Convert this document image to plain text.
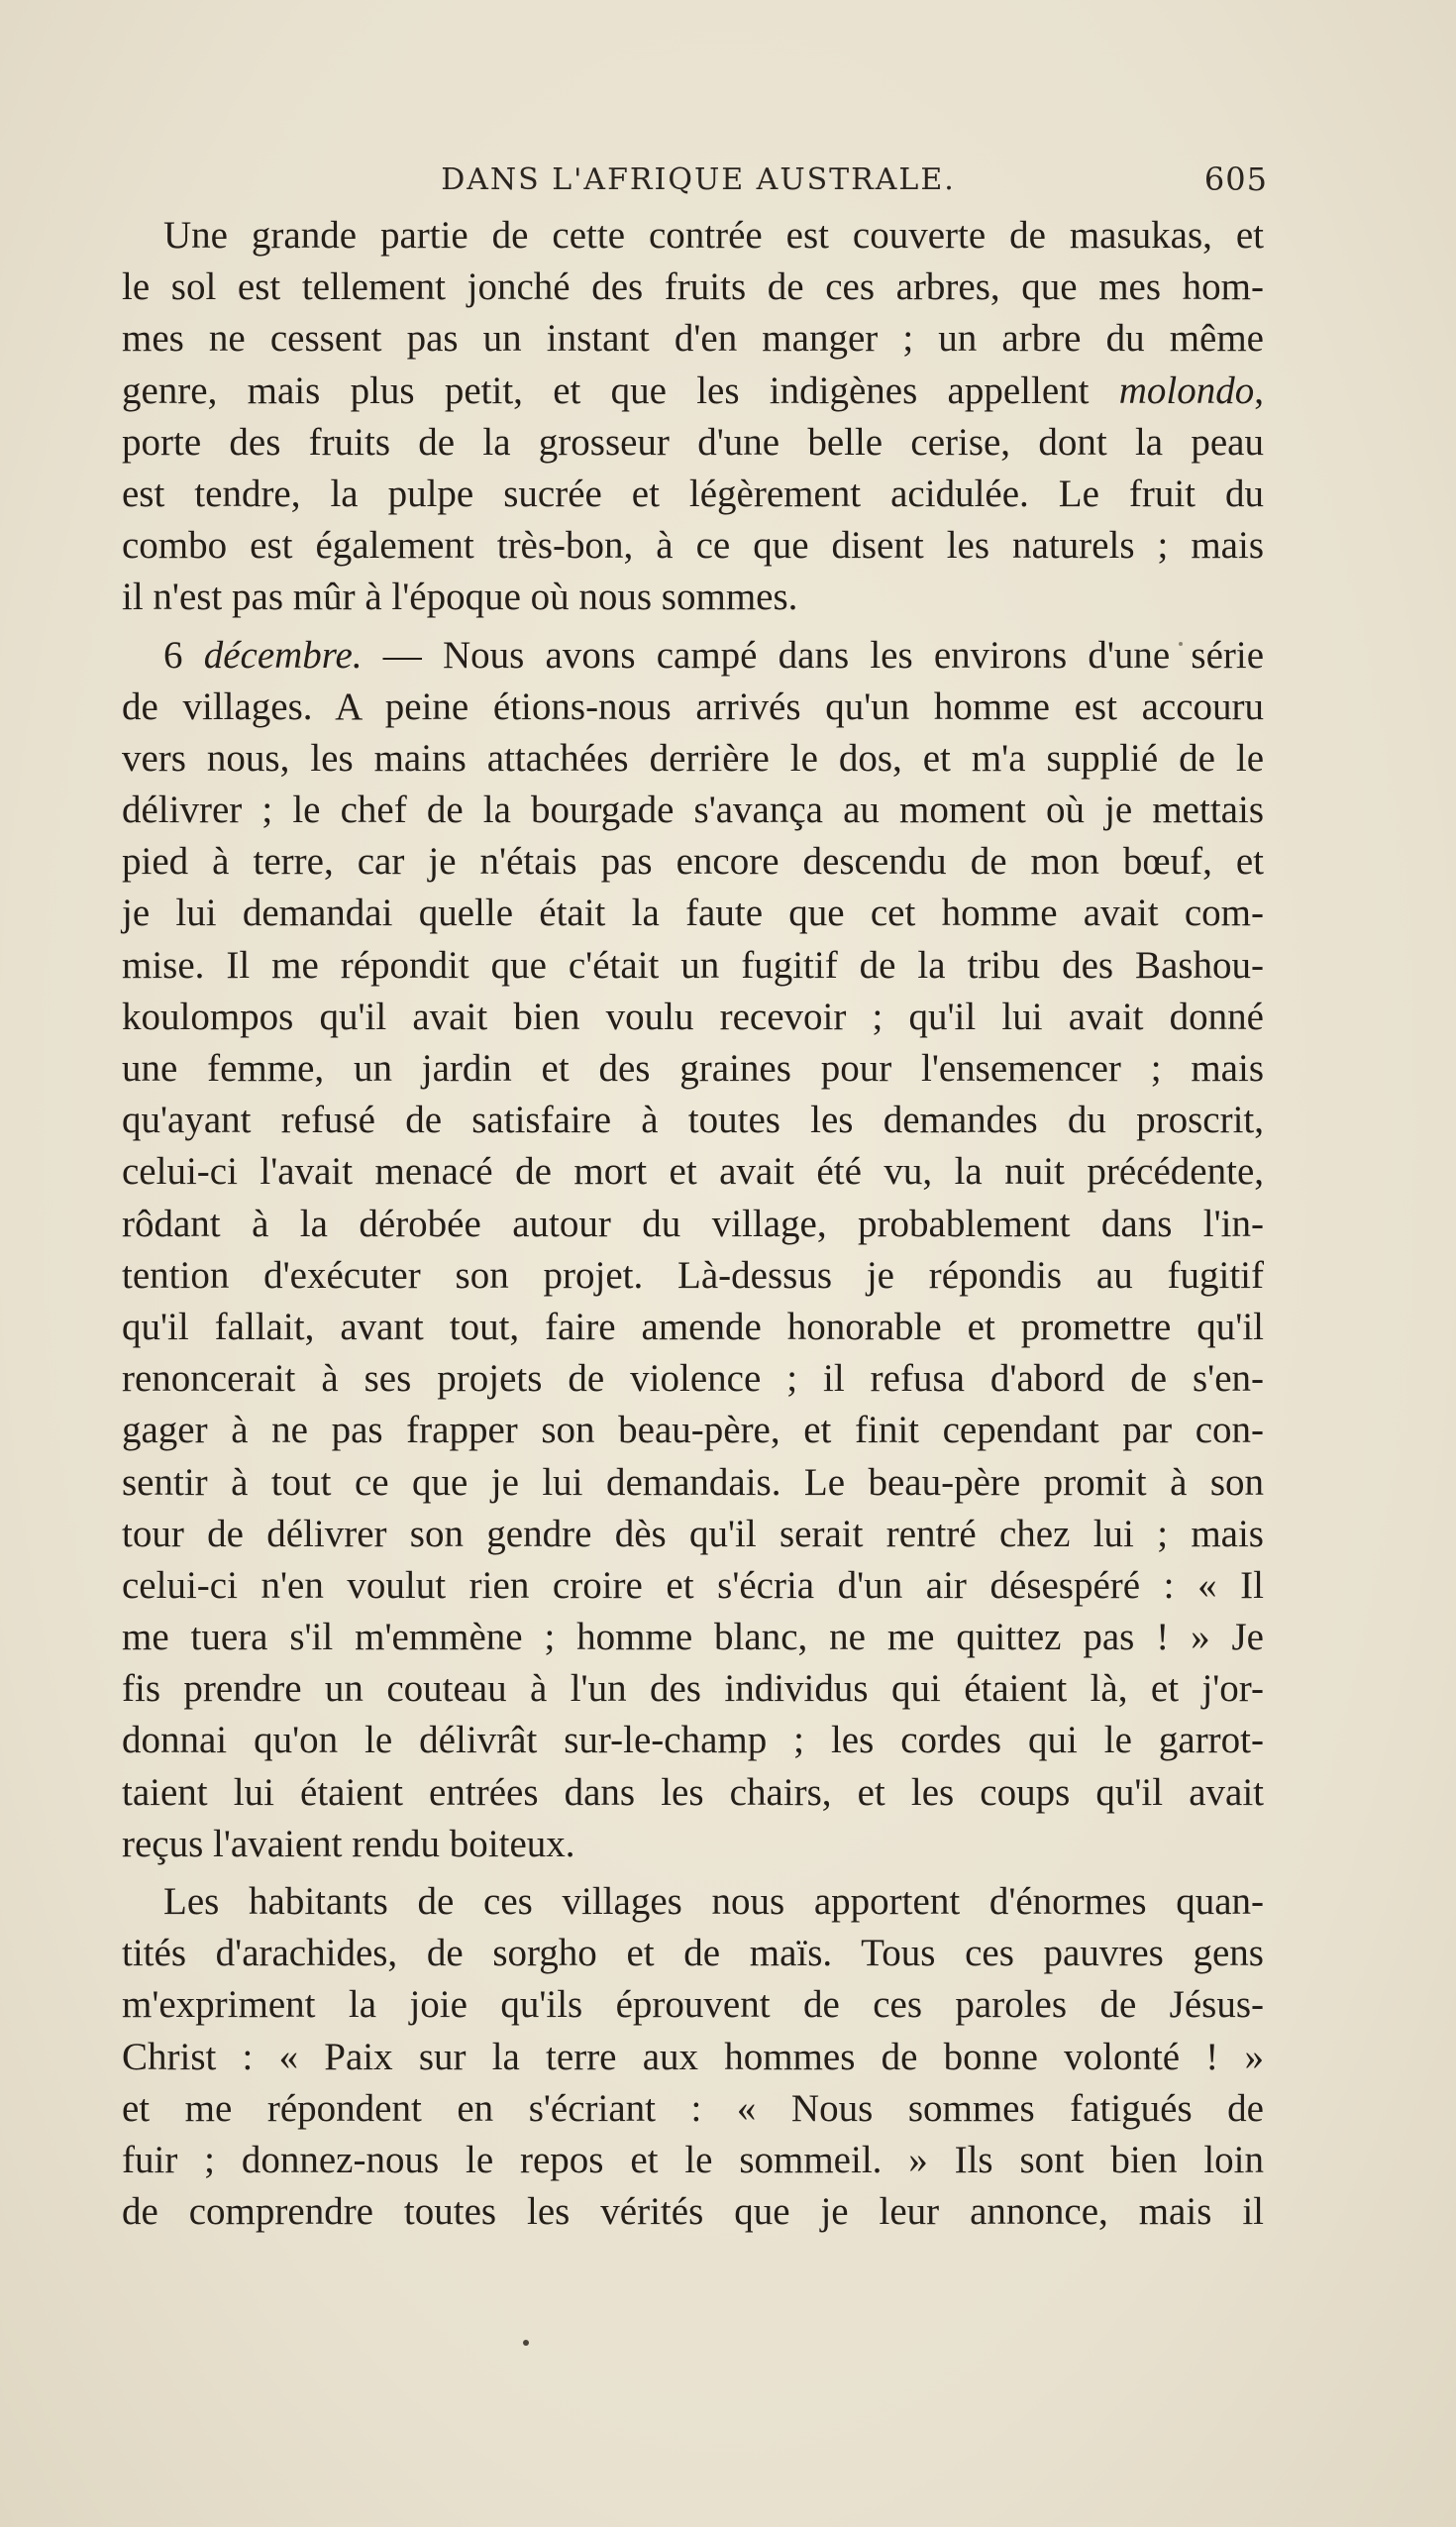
DANS L'AFRIQUE AUSTRALE.	605
Une grande partie de cette contrée est couverte de masukas, et
le sol est tellement jonché des fruits de ces arbres, que mes hom-
mes ne cessent pas un instant d'en manger ; un arbre du même
genre, mais plus petit, et que les indigènes appellent molondo,
porte des fruits de la grosseur d'une belle cerise, dont la peau
est tendre, la pulpe sucrée et légèrement acidulée. Le fruit du
combo est également très-bon, à ce que disent les naturels ; mais
il n'est pas mûr à l'époque où nous sommes.
6 décembre. — Nous avons campé dans les environs d'une série
de villages. A peine étions-nous arrivés qu'un homme est accouru
vers nous, les mains attachées derrière le dos, et m'a supplié de le
délivrer ; le chef de la bourgade s'avança au moment où je mettais
pied à terre, car je n'étais pas encore descendu de mon bœuf, et
je lui demandai quelle était la faute que cet homme avait com-
mise. Il me répondit que c'était un fugitif de la tribu des Bashou-
koulompos qu'il avait bien voulu recevoir ; qu'il lui avait donné
une femme, un jardin et des graines pour l'ensemencer ; mais
qu'ayant refusé de satisfaire à toutes les demandes du proscrit,
celui-ci l'avait menacé de mort et avait été vu, la nuit précédente,
rôdant à la dérobée autour du village, probablement dans l'in-
tention d'exécuter son projet. Là-dessus je répondis au fugitif
qu'il fallait, avant tout, faire amende honorable et promettre qu'il
renoncerait à ses projets de violence ; il refusa d'abord de s'en-
gager à ne pas frapper son beau-père, et finit cependant par con-
sentir à tout ce que je lui demandais. Le beau-père promit à son
tour de délivrer son gendre dès qu'il serait rentré chez lui ; mais
celui-ci n'en voulut rien croire et s'écria d'un air désespéré : « Il
me tuera s'il m'emmène ; homme blanc, ne me quittez pas ! » Je
fis prendre un couteau à l'un des individus qui étaient là, et j'or-
donnai qu'on le délivrât sur-le-champ ; les cordes qui le garrot-
taient lui étaient entrées dans les chairs, et les coups qu'il avait
reçus l'avaient rendu boiteux.
Les habitants de ces villages nous apportent d'énormes quan-
tités d'arachides, de sorgho et de maïs. Tous ces pauvres gens
m'expriment la joie qu'ils éprouvent de ces paroles de Jésus-
Christ : « Paix sur la terre aux hommes de bonne volonté ! »
et me répondent en s'écriant : « Nous sommes fatigués de
fuir ; donnez-nous le repos et le sommeil. » Ils sont bien loin
de comprendre toutes les vérités que je leur annonce, mais il
